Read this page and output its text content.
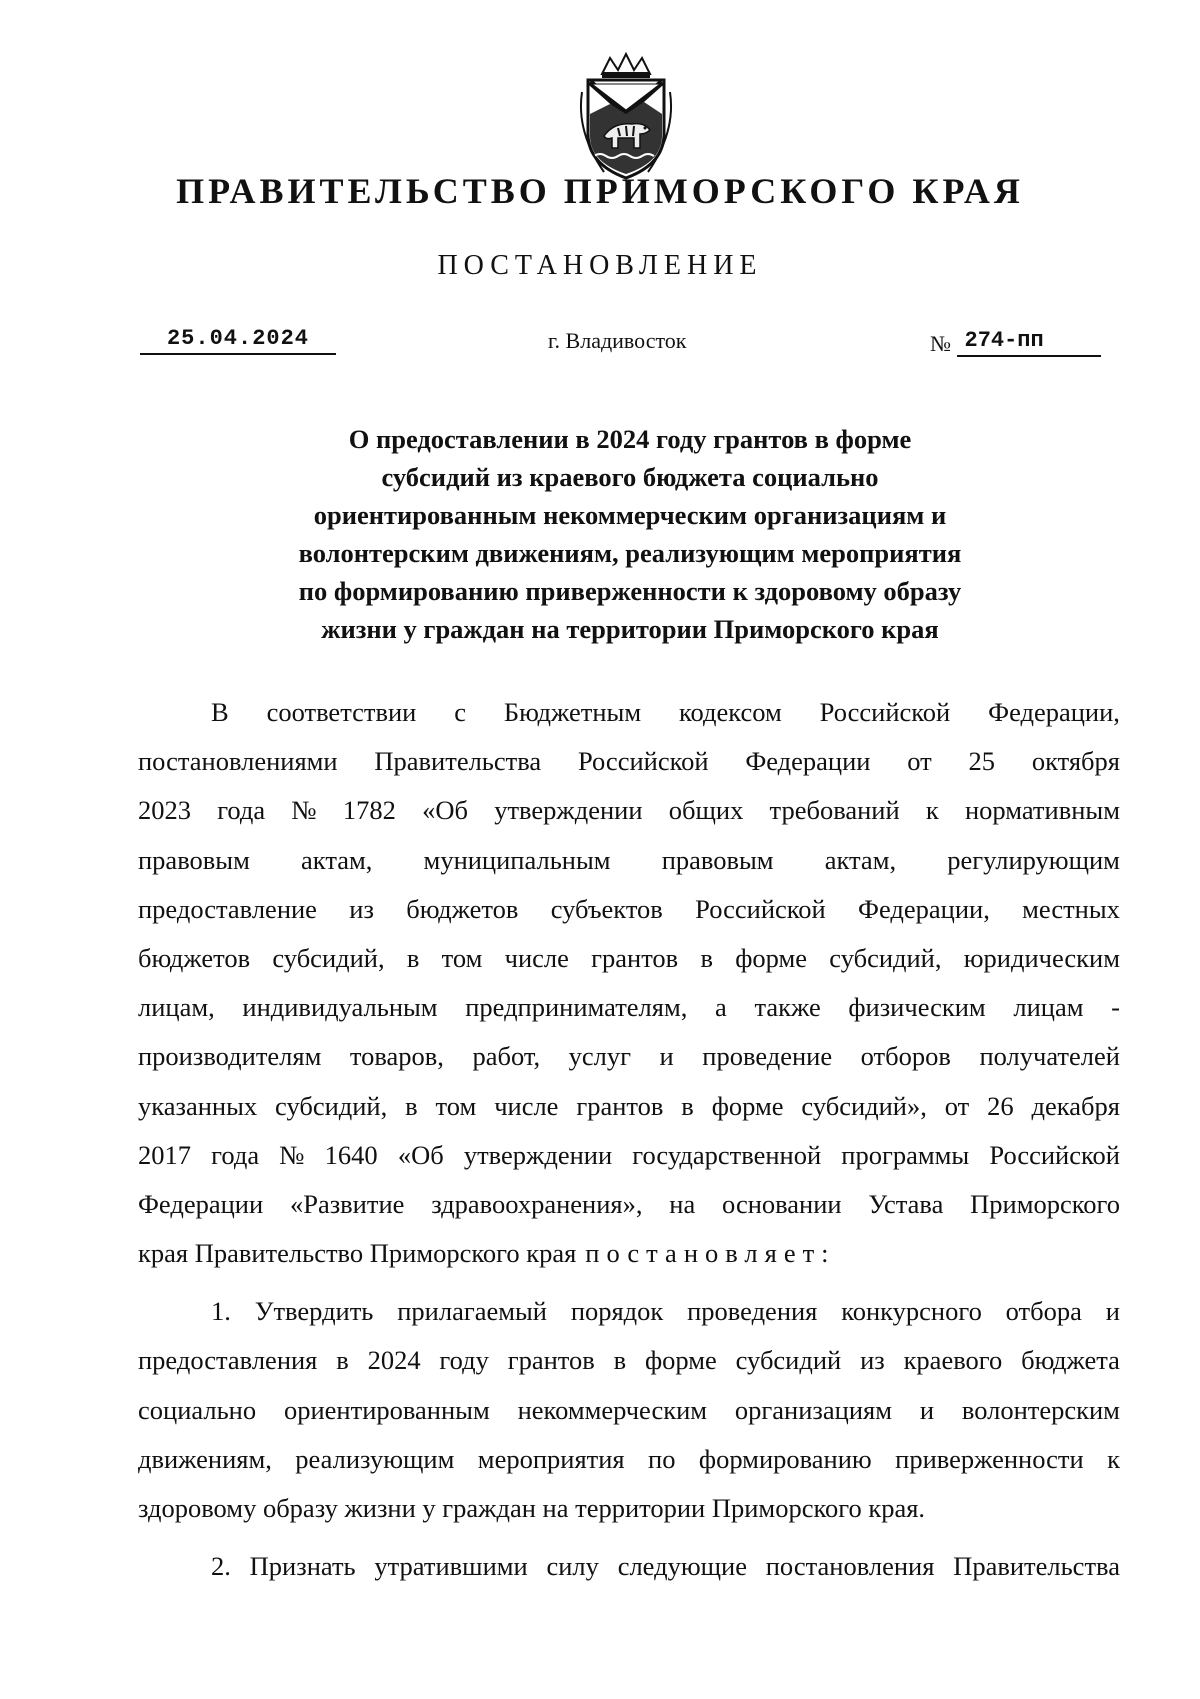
ПРАВИТЕЛЬСТВО ПРИМОРСКОГО КРАЯ
ПОСТАНОВЛЕНИЕ
25.04.2024	г. Владивосток	№ 274-пп
О предоставлении в 2024 году грантов в форме
субсидий из краевого бюджета социально
ориентированным некоммерческим организациям и
волонтерским движениям, реализующим мероприятия
по формированию приверженности к здоровому образу
жизни у граждан на территории Приморского края
В соответствии с Бюджетным кодексом Российской Федерации,
постановлениями Правительства Российской Федерации от 25 октября
2023 года № 1782 «Об утверждении общих требований к нормативным
правовым актам, муниципальным правовым актам, регулирующим
предоставление из бюджетов субъектов Российской Федерации, местных
бюджетов субсидий, в том числе грантов в форме субсидий, юридическим
лицам, индивидуальным предпринимателям, а также физическим лицам -
производителям товаров, работ, услуг и проведение отборов получателей
указанных субсидий, в том числе грантов в форме субсидий», от 26 декабря
2017 года № 1640 «Об утверждении государственной программы Российской
Федерации «Развитие здравоохранения», на основании Устава Приморского
края Правительство Приморского края постановляет:
1. Утвердить прилагаемый порядок проведения конкурсного отбора и
предоставления в 2024 году грантов в форме субсидий из краевого бюджета
социально ориентированным некоммерческим организациям и волонтерским
движениям, реализующим мероприятия по формированию приверженности к
здоровому образу жизни у граждан на территории Приморского края.
2. Признать утратившими силу следующие постановления Правительства
